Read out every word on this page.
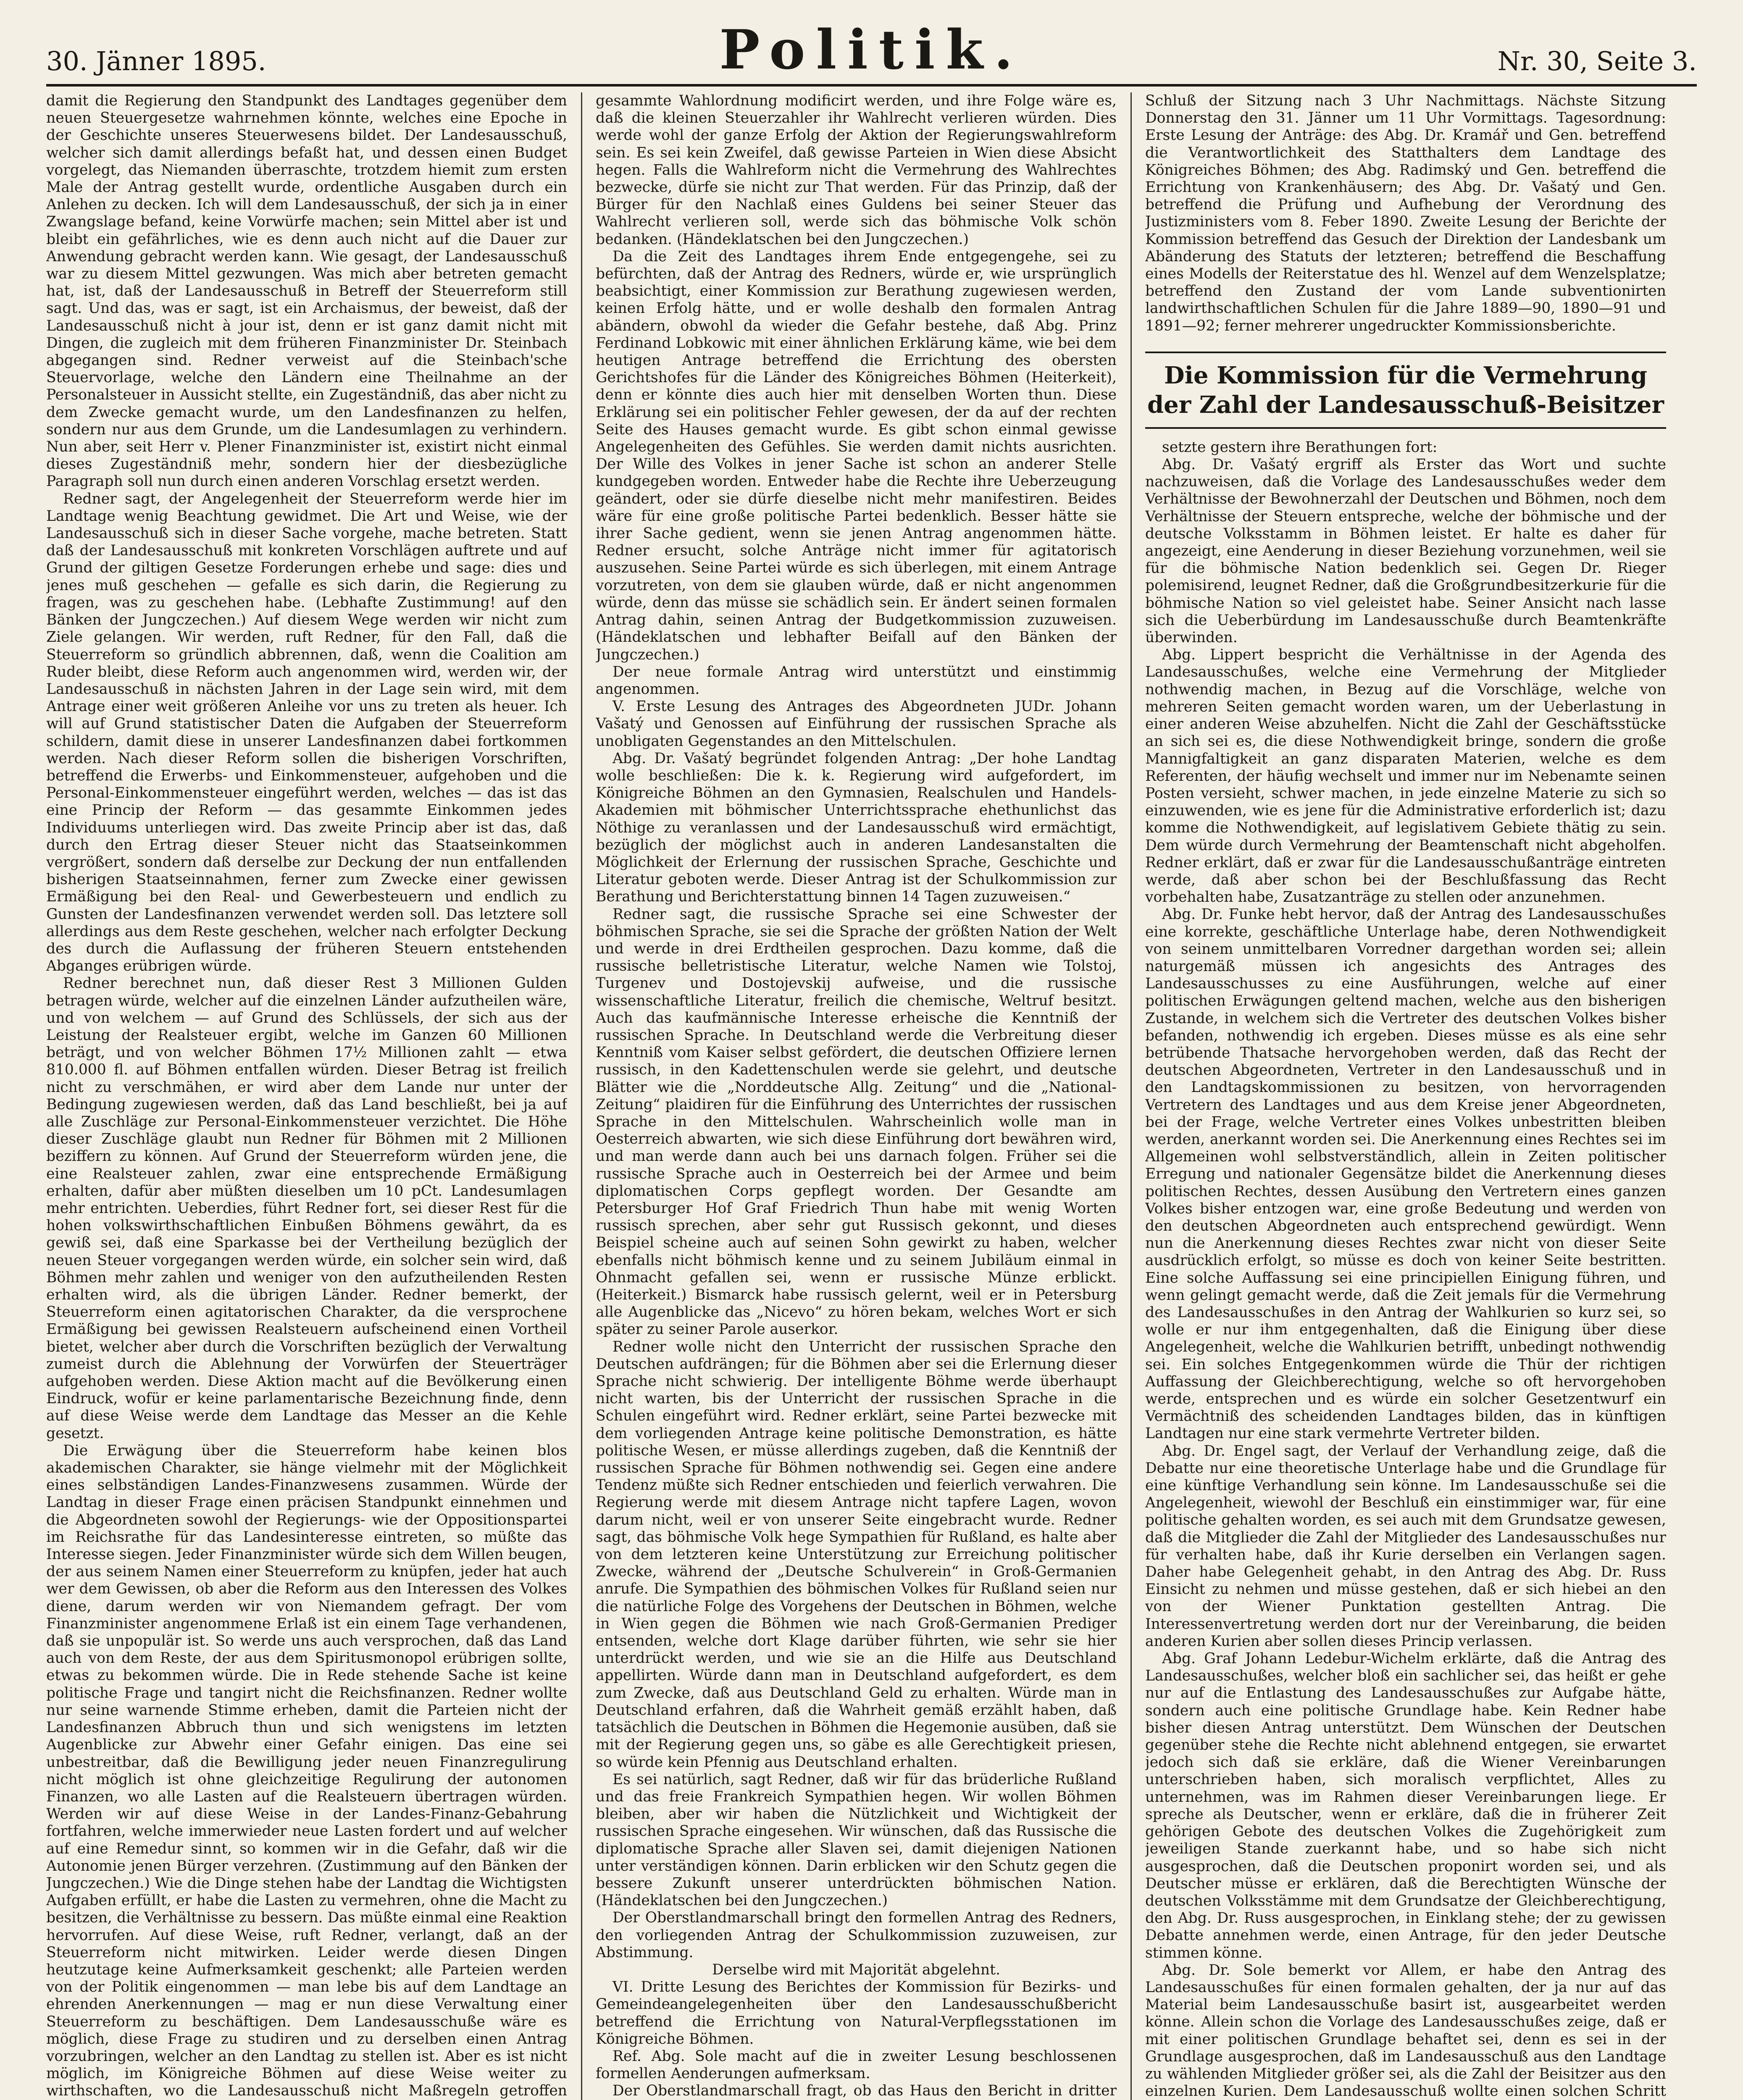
30. Jänner 1895.	Politik.	Nr. 30, Seite 3.

damit die Regierung den Standpunkt des Landtages gegenüber dem neuen Steuergesetze wahrnehmen könnte, welches eine Epoche in der Geschichte unseres Steuerwesens bildet. Der Landesausschuß, welcher sich damit allerdings befaßt hat, und dessen einen Budget vorgelegt, das Niemanden überraschte, trotzdem hiemit zum ersten Male der Antrag gestellt wurde, ordentliche Ausgaben durch ein Anlehen zu decken. Ich will dem Landesausschuß, der sich ja in einer Zwangslage befand, keine Vorwürfe machen; sein Mittel aber ist und bleibt ein gefährliches, wie es denn auch nicht auf die Dauer zur Anwendung gebracht werden kann. Wie gesagt, der Landesausschuß war zu diesem Mittel gezwungen. Was mich aber betreten gemacht hat, ist, daß der Landesausschuß in Betreff der Steuerreform still sagt. Und das, was er sagt, ist ein Archaismus, der beweist, daß der Landesausschuß nicht à jour ist, denn er ist ganz damit nicht mit Dingen, die zugleich mit dem früheren Finanzminister Dr. Steinbach abgegangen sind. Redner verweist auf die Steinbach'sche Steuervorlage, welche den Ländern eine Theilnahme an der Personalsteuer in Aussicht stellte, ein Zugeständniß, das aber nicht zu dem Zwecke gemacht wurde, um den Landesfinanzen zu helfen, sondern nur aus dem Grunde, um die Landesumlagen zu verhindern. Nun aber, seit Herr v. Plener Finanzminister ist, existirt nicht einmal dieses Zugeständniß mehr, sondern hier der diesbezügliche Paragraph soll nun durch einen anderen Vorschlag ersetzt werden.

Redner sagt, der Angelegenheit der Steuerreform werde hier im Landtage wenig Beachtung gewidmet. Die Art und Weise, wie der Landesausschuß sich in dieser Sache vorgehe, mache betreten. Statt daß der Landesausschuß mit konkreten Vorschlägen auftrete und auf Grund der giltigen Gesetze Forderungen erhebe und sage: dies und jenes muß geschehen — gefalle es sich darin, die Regierung zu fragen, was zu geschehen habe. (Lebhafte Zustimmung! auf den Bänken der Jungczechen.) Auf diesem Wege werden wir nicht zum Ziele gelangen. Wir werden, ruft Redner, für den Fall, daß die Steuerreform so gründlich abbrennen, daß, wenn die Coalition am Ruder bleibt, diese Reform auch angenommen wird, werden wir, der Landesausschuß in nächsten Jahren in der Lage sein wird, mit dem Antrage einer weit größeren Anleihe vor uns zu treten als heuer. Ich will auf Grund statistischer Daten die Aufgaben der Steuerreform schildern, damit diese in unserer Landesfinanzen dabei fortkommen werden. Nach dieser Reform sollen die bisherigen Vorschriften, betreffend die Erwerbs- und Einkommensteuer, aufgehoben und die Personal-Einkommensteuer eingeführt werden, welches — das ist das eine Princip der Reform — das gesammte Einkommen jedes Individuums unterliegen wird. Das zweite Princip aber ist das, daß durch den Ertrag dieser Steuer nicht das Staatseinkommen vergrößert, sondern daß derselbe zur Deckung der nun entfallenden bisherigen Staatseinnahmen, ferner zum Zwecke einer gewissen Ermäßigung bei den Real- und Gewerbesteuern und endlich zu Gunsten der Landesfinanzen verwendet werden soll. Das letztere soll allerdings aus dem Reste geschehen, welcher nach erfolgter Deckung des durch die Auflassung der früheren Steuern entstehenden Abganges erübrigen würde.

Redner berechnet nun, daß dieser Rest 3 Millionen Gulden betragen würde, welcher auf die einzelnen Länder aufzutheilen wäre, und von welchem — auf Grund des Schlüssels, der sich aus der Leistung der Realsteuer ergibt, welche im Ganzen 60 Millionen beträgt, und von welcher Böhmen 17½ Millionen zahlt — etwa 810.000 fl. auf Böhmen entfallen würden. Dieser Betrag ist freilich nicht zu verschmähen, er wird aber dem Lande nur unter der Bedingung zugewiesen werden, daß das Land beschließt, bei ja auf alle Zuschläge zur Personal-Einkommensteuer verzichtet. Die Höhe dieser Zuschläge glaubt nun Redner für Böhmen mit 2 Millionen beziffern zu können. Auf Grund der Steuerreform würden jene, die eine Realsteuer zahlen, zwar eine entsprechende Ermäßigung erhalten, dafür aber müßten dieselben um 10 pCt. Landesumlagen mehr entrichten. Ueberdies, führt Redner fort, sei dieser Rest für die hohen volkswirthschaftlichen Einbußen Böhmens gewährt, da es gewiß sei, daß eine Sparkasse bei der Vertheilung bezüglich der neuen Steuer vorgegangen werden würde, ein solcher sein wird, daß Böhmen mehr zahlen und weniger von den aufzutheilenden Resten erhalten wird, als die übrigen Länder. Redner bemerkt, der Steuerreform einen agitatorischen Charakter, da die versprochene Ermäßigung bei gewissen Realsteuern aufscheinend einen Vortheil bietet, welcher aber durch die Vorschriften bezüglich der Verwaltung zumeist durch die Ablehnung der Vorwürfen der Steuerträger aufgehoben werden. Diese Aktion macht auf die Bevölkerung einen Eindruck, wofür er keine parlamentarische Bezeichnung finde, denn auf diese Weise werde dem Landtage das Messer an die Kehle gesetzt.

Die Erwägung über die Steuerreform habe keinen blos akademischen Charakter, sie hänge vielmehr mit der Möglichkeit eines selbständigen Landes-Finanzwesens zusammen. Würde der Landtag in dieser Frage einen präcisen Standpunkt einnehmen und die Abgeordneten sowohl der Regierungs- wie der Oppositionspartei im Reichsrathe für das Landesinteresse eintreten, so müßte das Interesse siegen. Jeder Finanzminister würde sich dem Willen beugen, der aus seinem Namen einer Steuerreform zu knüpfen, jeder hat auch wer dem Gewissen, ob aber die Reform aus den Interessen des Volkes diene, darum werden wir von Niemandem gefragt. Der vom Finanzminister angenommene Erlaß ist ein einem Tage verhandenen, daß sie unpopulär ist. So werde uns auch versprochen, daß das Land auch von dem Reste, der aus dem Spiritusmonopol erübrigen sollte, etwas zu bekommen würde. Die in Rede stehende Sache ist keine politische Frage und tangirt nicht die Reichsfinanzen. Redner wollte nur seine warnende Stimme erheben, damit die Parteien nicht der Landesfinanzen Abbruch thun und sich wenigstens im letzten Augenblicke zur Abwehr einer Gefahr einigen. Das eine sei unbestreitbar, daß die Bewilligung jeder neuen Finanzregulirung nicht möglich ist ohne gleichzeitige Regulirung der autonomen Finanzen, wo alle Lasten auf die Realsteuern übertragen würden. Werden wir auf diese Weise in der Landes-Finanz-Gebahrung fortfahren, welche immerwieder neue Lasten fordert und auf welcher auf eine Remedur sinnt, so kommen wir in die Gefahr, daß wir die Autonomie jenen Bürger verzehren. (Zustimmung auf den Bänken der Jungczechen.) Wie die Dinge stehen habe der Landtag die Wichtigsten Aufgaben erfüllt, er habe die Lasten zu vermehren, ohne die Macht zu besitzen, die Verhältnisse zu bessern. Das müßte einmal eine Reaktion hervorrufen. Auf diese Weise, ruft Redner, verlangt, daß an der Steuerreform nicht mitwirken. Leider werde diesen Dingen heutzutage keine Aufmerksamkeit geschenkt; alle Parteien werden von der Politik eingenommen — man lebe bis auf dem Landtage an ehrenden Anerkennungen — mag er nun diese Verwaltung einer Steuerreform zu beschäftigen. Dem Landesausschuße wäre es möglich, diese Frage zu studiren und zu derselben einen Antrag vorzubringen, welcher an den Landtag zu stellen ist. Aber es ist nicht möglich, im Königreiche Böhmen auf diese Weise weiter zu wirthschaften, wo die Landesausschuß nicht Maßregeln getroffen

gesammte Wahlordnung modificirt werden, und ihre Folge wäre es, daß die kleinen Steuerzahler ihr Wahlrecht verlieren würden. Dies werde wohl der ganze Erfolg der Aktion der Regierungswahlreform sein. Es sei kein Zweifel, daß gewisse Parteien in Wien diese Absicht hegen. Falls die Wahlreform nicht die Vermehrung des Wahlrechtes bezwecke, dürfe sie nicht zur That werden. Für das Prinzip, daß der Bürger für den Nachlaß eines Guldens bei seiner Steuer das Wahlrecht verlieren soll, werde sich das böhmische Volk schön bedanken. (Händeklatschen bei den Jungczechen.)

Da die Zeit des Landtages ihrem Ende entgegengehe, sei zu befürchten, daß der Antrag des Redners, würde er, wie ursprünglich beabsichtigt, einer Kommission zur Berathung zugewiesen werden, keinen Erfolg hätte, und er wolle deshalb den formalen Antrag abändern, obwohl da wieder die Gefahr bestehe, daß Abg. Prinz Ferdinand Lobkowic mit einer ähnlichen Erklärung käme, wie bei dem heutigen Antrage betreffend die Errichtung des obersten Gerichtshofes für die Länder des Königreiches Böhmen (Heiterkeit), denn er könnte dies auch hier mit denselben Worten thun. Diese Erklärung sei ein politischer Fehler gewesen, der da auf der rechten Seite des Hauses gemacht wurde. Es gibt schon einmal gewisse Angelegenheiten des Gefühles. Sie werden damit nichts ausrichten. Der Wille des Volkes in jener Sache ist schon an anderer Stelle kundgegeben worden. Entweder habe die Rechte ihre Ueberzeugung geändert, oder sie dürfe dieselbe nicht mehr manifestiren. Beides wäre für eine große politische Partei bedenklich. Besser hätte sie ihrer Sache gedient, wenn sie jenen Antrag angenommen hätte. Redner ersucht, solche Anträge nicht immer für agitatorisch auszusehen. Seine Partei würde es sich überlegen, mit einem Antrage vorzutreten, von dem sie glauben würde, daß er nicht angenommen würde, denn das müsse sie schädlich sein. Er ändert seinen formalen Antrag dahin, seinen Antrag der Budgetkommission zuzuweisen. (Händeklatschen und lebhafter Beifall auf den Bänken der Jungczechen.)

Der neue formale Antrag wird unterstützt und einstimmig angenommen.

V. Erste Lesung des Antrages des Abgeordneten JUDr. Johann Vašatý und Genossen auf Einführung der russischen Sprache als unobligaten Gegenstandes an den Mittelschulen.

Abg. Dr. Vašatý begründet folgenden Antrag: „Der hohe Landtag wolle beschließen: Die k. k. Regierung wird aufgefordert, im Königreiche Böhmen an den Gymnasien, Realschulen und Handels-Akademien mit böhmischer Unterrichtssprache ehethunlichst das Nöthige zu veranlassen und der Landesausschuß wird ermächtigt, bezüglich der möglichst auch in anderen Landesanstalten die Möglichkeit der Erlernung der russischen Sprache, Geschichte und Literatur geboten werde. Dieser Antrag ist der Schulkommission zur Berathung und Berichterstattung binnen 14 Tagen zuzuweisen.“

Redner sagt, die russische Sprache sei eine Schwester der böhmischen Sprache, sie sei die Sprache der größten Nation der Welt und werde in drei Erdtheilen gesprochen. Dazu komme, daß die russische belletristische Literatur, welche Namen wie Tolstoj, Turgenev und Dostojevskij aufweise, und die russische wissenschaftliche Literatur, freilich die chemische, Weltruf besitzt. Auch das kaufmännische Interesse erheische die Kenntniß der russischen Sprache. In Deutschland werde die Verbreitung dieser Kenntniß vom Kaiser selbst gefördert, die deutschen Offiziere lernen russisch, in den Kadettenschulen werde sie gelehrt, und deutsche Blätter wie die „Norddeutsche Allg. Zeitung“ und die „National-Zeitung“ plaidiren für die Einführung des Unterrichtes der russischen Sprache in den Mittelschulen. Wahrscheinlich wolle man in Oesterreich abwarten, wie sich diese Einführung dort bewähren wird, und man werde dann auch bei uns darnach folgen. Früher sei die russische Sprache auch in Oesterreich bei der Armee und beim diplomatischen Corps gepflegt worden. Der Gesandte am Petersburger Hof Graf Friedrich Thun habe mit wenig Worten russisch sprechen, aber sehr gut Russisch gekonnt, und dieses Beispiel scheine auch auf seinen Sohn gewirkt zu haben, welcher ebenfalls nicht böhmisch kenne und zu seinem Jubiläum einmal in Ohnmacht gefallen sei, wenn er russische Münze erblickt. (Heiterkeit.) Bismarck habe russisch gelernt, weil er in Petersburg alle Augenblicke das „Nicevo“ zu hören bekam, welches Wort er sich später zu seiner Parole auserkor.

Redner wolle nicht den Unterricht der russischen Sprache den Deutschen aufdrängen; für die Böhmen aber sei die Erlernung dieser Sprache nicht schwierig. Der intelligente Böhme werde überhaupt nicht warten, bis der Unterricht der russischen Sprache in die Schulen eingeführt wird. Redner erklärt, seine Partei bezwecke mit dem vorliegenden Antrage keine politische Demonstration, es hätte politische Wesen, er müsse allerdings zugeben, daß die Kenntniß der russischen Sprache für Böhmen nothwendig sei. Gegen eine andere Tendenz müßte sich Redner entschieden und feierlich verwahren. Die Regierung werde mit diesem Antrage nicht tapfere Lagen, wovon darum nicht, weil er von unserer Seite eingebracht wurde. Redner sagt, das böhmische Volk hege Sympathien für Rußland, es halte aber von dem letzteren keine Unterstützung zur Erreichung politischer Zwecke, während der „Deutsche Schulverein“ in Groß-Germanien anrufe. Die Sympathien des böhmischen Volkes für Rußland seien nur die natürliche Folge des Vorgehens der Deutschen in Böhmen, welche in Wien gegen die Böhmen wie nach Groß-Germanien Prediger entsenden, welche dort Klage darüber führten, wie sehr sie hier unterdrückt werden, und wie sie an die Hilfe aus Deutschland appellirten. Würde dann man in Deutschland aufgefordert, es dem zum Zwecke, daß aus Deutschland Geld zu erhalten. Würde man in Deutschland erfahren, daß die Wahrheit gemäß erzählt haben, daß tatsächlich die Deutschen in Böhmen die Hegemonie ausüben, daß sie mit der Regierung gegen uns, so gäbe es alle Gerechtigkeit priesen, so würde kein Pfennig aus Deutschland erhalten.

Es sei natürlich, sagt Redner, daß wir für das brüderliche Rußland und das freie Frankreich Sympathien hegen. Wir wollen Böhmen bleiben, aber wir haben die Nützlichkeit und Wichtigkeit der russischen Sprache eingesehen. Wir wünschen, daß das Russische die diplomatische Sprache aller Slaven sei, damit diejenigen Nationen unter verständigen können. Darin erblicken wir den Schutz gegen die bessere Zukunft unserer unterdrückten böhmischen Nation. (Händeklatschen bei den Jungczechen.)

Der Oberstlandmarschall bringt den formellen Antrag des Redners, den vorliegenden Antrag der Schulkommission zuzuweisen, zur Abstimmung.

Derselbe wird mit Majorität abgelehnt.

VI. Dritte Lesung des Berichtes der Kommission für Bezirks- und Gemeindeangelegenheiten über den Landesausschußbericht betreffend die Errichtung von Natural-Verpflegsstationen im Königreiche Böhmen.

Ref. Abg. Sole macht auf die in zweiter Lesung beschlossenen formellen Aenderungen aufmerksam.

Der Oberstlandmarschall fragt, ob das Haus den Bericht in dritter

Schluß der Sitzung nach 3 Uhr Nachmittags. Nächste Sitzung Donnerstag den 31. Jänner um 11 Uhr Vormittags. Tagesordnung: Erste Lesung der Anträge: des Abg. Dr. Kramář und Gen. betreffend die Verantwortlichkeit des Statthalters dem Landtage des Königreiches Böhmen; des Abg. Radimský und Gen. betreffend die Errichtung von Krankenhäusern; des Abg. Dr. Vašatý und Gen. betreffend die Prüfung und Aufhebung der Verordnung des Justizministers vom 8. Feber 1890. Zweite Lesung der Berichte der Kommission betreffend das Gesuch der Direktion der Landesbank um Abänderung des Statuts der letzteren; betreffend die Beschaffung eines Modells der Reiterstatue des hl. Wenzel auf dem Wenzelsplatze; betreffend den Zustand der vom Lande subventionirten landwirthschaftlichen Schulen für die Jahre 1889—90, 1890—91 und 1891—92; ferner mehrerer ungedruckter Kommissionsberichte.

Die Kommission für die Vermehrung der Zahl der Landesausschuß-Beisitzer

setzte gestern ihre Berathungen fort:

Abg. Dr. Vašatý ergriff als Erster das Wort und suchte nachzuweisen, daß die Vorlage des Landesausschußes weder dem Verhältnisse der Bewohnerzahl der Deutschen und Böhmen, noch dem Verhältnisse der Steuern entspreche, welche der böhmische und der deutsche Volksstamm in Böhmen leistet. Er halte es daher für angezeigt, eine Aenderung in dieser Beziehung vorzunehmen, weil sie für die böhmische Nation bedenklich sei. Gegen Dr. Rieger polemisirend, leugnet Redner, daß die Großgrundbesitzerkurie für die böhmische Nation so viel geleistet habe. Seiner Ansicht nach lasse sich die Ueberbürdung im Landesausschuße durch Beamtenkräfte überwinden.

Abg. Lippert bespricht die Verhältnisse in der Agenda des Landesausschußes, welche eine Vermehrung der Mitglieder nothwendig machen, in Bezug auf die Vorschläge, welche von mehreren Seiten gemacht worden waren, um der Ueberlastung in einer anderen Weise abzuhelfen. Nicht die Zahl der Geschäftsstücke an sich sei es, die diese Nothwendigkeit bringe, sondern die große Mannigfaltigkeit an ganz disparaten Materien, welche es dem Referenten, der häufig wechselt und immer nur im Nebenamte seinen Posten versieht, schwer machen, in jede einzelne Materie zu sich so einzuwenden, wie es jene für die Administrative erforderlich ist; dazu komme die Nothwendigkeit, auf legislativem Gebiete thätig zu sein. Dem würde durch Vermehrung der Beamtenschaft nicht abgeholfen. Redner erklärt, daß er zwar für die Landesausschußanträge eintreten werde, daß aber schon bei der Beschlußfassung das Recht vorbehalten habe, Zusatzanträge zu stellen oder anzunehmen.

Abg. Dr. Funke hebt hervor, daß der Antrag des Landesausschußes eine korrekte, geschäftliche Unterlage habe, deren Nothwendigkeit von seinem unmittelbaren Vorredner dargethan worden sei; allein naturgemäß müssen ich angesichts des Antrages des Landesausschusses zu eine Ausführungen, welche auf einer politischen Erwägungen geltend machen, welche aus den bisherigen Zustande, in welchem sich die Vertreter des deutschen Volkes bisher befanden, nothwendig ich ergeben. Dieses müsse es als eine sehr betrübende Thatsache hervorgehoben werden, daß das Recht der deutschen Abgeordneten, Vertreter in den Landesausschuß und in den Landtagskommissionen zu besitzen, von hervorragenden Vertretern des Landtages und aus dem Kreise jener Abgeordneten, bei der Frage, welche Vertreter eines Volkes unbestritten bleiben werden, anerkannt worden sei. Die Anerkennung eines Rechtes sei im Allgemeinen wohl selbstverständlich, allein in Zeiten politischer Erregung und nationaler Gegensätze bildet die Anerkennung dieses politischen Rechtes, dessen Ausübung den Vertretern eines ganzen Volkes bisher entzogen war, eine große Bedeutung und werden von den deutschen Abgeordneten auch entsprechend gewürdigt. Wenn nun die Anerkennung dieses Rechtes zwar nicht von dieser Seite ausdrücklich erfolgt, so müsse es doch von keiner Seite bestritten. Eine solche Auffassung sei eine principiellen Einigung führen, und wenn gelingt gemacht werde, daß die Zeit jemals für die Vermehrung des Landesausschußes in den Antrag der Wahlkurien so kurz sei, so wolle er nur ihm entgegenhalten, daß die Einigung über diese Angelegenheit, welche die Wahlkurien betrifft, unbedingt nothwendig sei. Ein solches Entgegenkommen würde die Thür der richtigen Auffassung der Gleichberechtigung, welche so oft hervorgehoben werde, entsprechen und es würde ein solcher Gesetzentwurf ein Vermächtniß des scheidenden Landtages bilden, das in künftigen Landtagen nur eine stark vermehrte Vertreter bilden.

Abg. Dr. Engel sagt, der Verlauf der Verhandlung zeige, daß die Debatte nur eine theoretische Unterlage habe und die Grundlage für eine künftige Verhandlung sein könne. Im Landesausschuße sei die Angelegenheit, wiewohl der Beschluß ein einstimmiger war, für eine politische gehalten worden, es sei auch mit dem Grundsatze gewesen, daß die Mitglieder die Zahl der Mitglieder des Landesausschußes nur für verhalten habe, daß ihr Kurie derselben ein Verlangen sagen. Daher habe Gelegenheit gehabt, in den Antrag des Abg. Dr. Russ Einsicht zu nehmen und müsse gestehen, daß er sich hiebei an den von der Wiener Punktation gestellten Antrag. Die Interessenvertretung werden dort nur der Vereinbarung, die beiden anderen Kurien aber sollen dieses Princip verlassen.

Abg. Graf Johann Ledebur-Wichelm erklärte, daß die Antrag des Landesausschußes, welcher bloß ein sachlicher sei, das heißt er gehe nur auf die Entlastung des Landesausschußes zur Aufgabe hätte, sondern auch eine politische Grundlage habe. Kein Redner habe bisher diesen Antrag unterstützt. Dem Wünschen der Deutschen gegenüber stehe die Rechte nicht ablehnend entgegen, sie erwartet jedoch sich daß sie erkläre, daß die Wiener Vereinbarungen unterschrieben haben, sich moralisch verpflichtet, Alles zu unternehmen, was im Rahmen dieser Vereinbarungen liege. Er spreche als Deutscher, wenn er erkläre, daß die in früherer Zeit gehörigen Gebote des deutschen Volkes die Zugehörigkeit zum jeweiligen Stande zuerkannt habe, und so habe sich nicht ausgesprochen, daß die Deutschen proponirt worden sei, und als Deutscher müsse er erklären, daß die Berechtigten Wünsche der deutschen Volksstämme mit dem Grundsatze der Gleichberechtigung, den Abg. Dr. Russ ausgesprochen, in Einklang stehe; der zu gewissen Debatte annehmen werde, einen Antrage, für den jeder Deutsche stimmen könne.

Abg. Dr. Sole bemerkt vor Allem, er habe den Antrag des Landesausschußes für einen formalen gehalten, der ja nur auf das Material beim Landesausschuße basirt ist, ausgearbeitet werden könne. Allein schon die Vorlage des Landesausschußes zeige, daß er mit einer politischen Grundlage behaftet sei, denn es sei in der Grundlage ausgesprochen, daß im Landesausschuß aus den Landtage zu wählenden Mitglieder größer sei, als die Zahl der Beisitzer aus den einzelnen Kurien. Dem Landesausschuß wollte einen solchen Schritt
